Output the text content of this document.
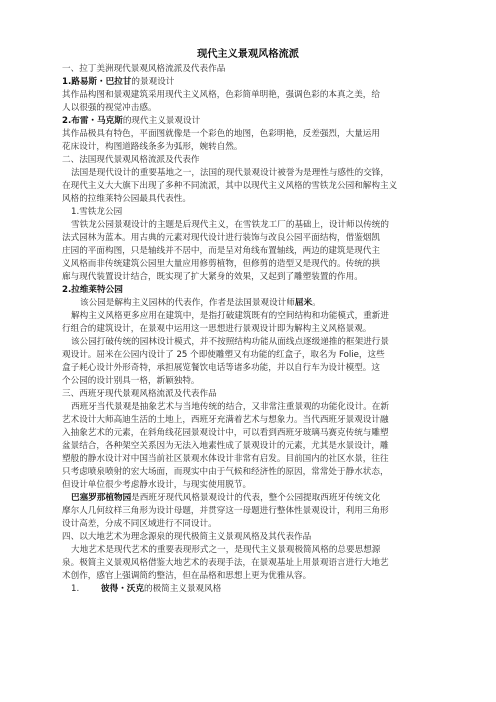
现代主义景观风格流派
一、拉丁美洲现代景观风格流派及代表作品
1.路易斯・巴拉甘的景观设计
其作品构图和景观建筑采用现代主义风格，色彩简单明艳，强调色彩的本真之美，给
人以很强的视觉冲击感。
2.布雷・马克斯的现代主义景观设计
其作品极具有特色，平面图就像是一个彩色的地图，色彩明艳，反差强烈，大量运用
花床设计，构图道路线条多为弧形，婉转自然。
二、法国现代景观风格流派及代表作
法国是现代设计的重要基地之一，法国的现代景观设计被誉为是理性与感性的交锋，
在现代主义大大旗下出现了多种不同流派，其中以现代主义风格的雪铁龙公园和解构主义
风格的拉维莱特公园最具代表性。
1.雪铁龙公园
雪铁龙公园景观设计的主题是后现代主义，在雪铁龙工厂的基础上，设计师以传统的
法式园林为蓝本。用古典的元素对现代设计进行装饰与改良公园平面结构，借鉴烟凯
庄园的平面构图，只是轴线并不居中，而是呈对角线布置轴线，两边的建筑是现代主
义风格而非传统建筑公园里大量应用修剪植物，但修剪的造型又是现代的。传统的拱
廊与现代装置设计结合，既实现了扩大紧身的效果，又起到了雕塑装置的作用。
2.拉维莱特公园
该公园是解构主义园林的代表作，作者是法国景观设计师屈米。
解构主义风格更多应用在建筑中，是指打破建筑既有的空间结构和功能模式，重新进
行组合的建筑设计，在景观中运用这一思想进行景观设计即为解构主义风格景观。
该公园打破传统的园林设计模式，并不按照结构功能从面线点逐级递推的框架进行景
观设计。屈米在公园内设计了 25 个即使雕塑又有功能的红盒子，取名为 Folie，这些
盒子耗心设计外形奇特，承担展览餐饮电话等诸多功能，并以自行车为设计模型。这
个公园的设计别具一格，新颖独特。
三、西班牙现代景观风格流派及代表作品
西班牙当代景观是抽象艺术与当地传统的结合，又非常注重景观的功能化设计。在新
艺术设计大师高迪生活的土地上，西班牙充满着艺术与想象力。当代西班牙景观设计融
入抽象艺术的元素，在斜角线花园景观设计中，可以看到西班牙玻璃马赛克传统与雕塑
盆景结合，各种架空关系因为无法入地素性成了景观设计的元素，尤其是水景设计，雕
塑般的静水设计对中国当前社区景观水体设计非常有启发。目前国内的社区水景，往往
只考虑喷泉喷射的宏大场面，而现实中由于气候和经济性的原因，常常处于静水状态，
但设计单位很少考虑静水设计，与现实使用脱节。
巴塞罗那植物园是西班牙现代风格景观设计的代表，整个公园提取西班牙传统文化
摩尔人几何纹样三角形为设计母题，并贯穿这一母题进行整体性景观设计，利用三角形
设计高差，分成不同区域进行不同设计。
四、以大地艺术为理念源泉的现代极简主义景观风格及其代表作品
大地艺术是现代艺术的重要表现形式之一，是现代主义景观极简风格的总要思想源
泉。极简主义景观风格借鉴大地艺术的表现手法，在景观基址上用景观语言进行大地艺
术创作，感官上强调简约整洁，但在品格和思想上更为优雅从容。
1.	彼得・沃克的极简主义景观风格
